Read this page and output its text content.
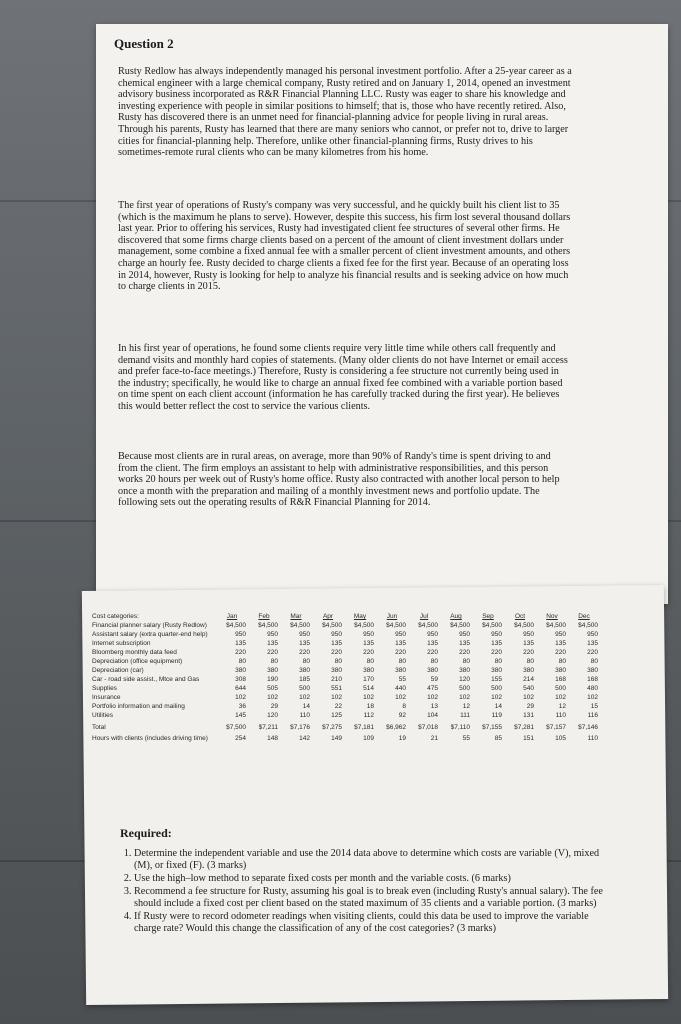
Question 2

Rusty Redlow has always independently managed his personal investment portfolio. After a 25-year career as a chemical engineer with a large chemical company, Rusty retired and on January 1, 2014, opened an investment advisory business incorporated as R&R Financial Planning LLC. Rusty was eager to share his knowledge and investing experience with people in similar positions to himself; that is, those who have recently retired. Also, Rusty has discovered there is an unmet need for financial-planning advice for people living in rural areas. Through his parents, Rusty has learned that there are many seniors who cannot, or prefer not to, drive to larger cities for financial-planning help. Therefore, unlike other financial-planning firms, Rusty drives to his sometimes-remote rural clients who can be many kilometres from his home.

The first year of operations of Rusty's company was very successful, and he quickly built his client list to 35 (which is the maximum he plans to serve). However, despite this success, his firm lost several thousand dollars last year. Prior to offering his services, Rusty had investigated client fee structures of several other firms. He discovered that some firms charge clients based on a percent of the amount of client investment dollars under management, some combine a fixed annual fee with a smaller percent of client investment amounts, and others charge an hourly fee. Rusty decided to charge clients a fixed fee for the first year. Because of an operating loss in 2014, however, Rusty is looking for help to analyze his financial results and is seeking advice on how much to charge clients in 2015.

In his first year of operations, he found some clients require very little time while others call frequently and demand visits and monthly hard copies of statements. (Many older clients do not have Internet or email access and prefer face-to-face meetings.) Therefore, Rusty is considering a fee structure not currently being used in the industry; specifically, he would like to charge an annual fixed fee combined with a variable portion based on time spent on each client account (information he has carefully tracked during the first year). He believes this would better reflect the cost to service the various clients.

Because most clients are in rural areas, on average, more than 90% of Randy's time is spent driving to and from the client. The firm employs an assistant to help with administrative responsibilities, and this person works 20 hours per week out of Rusty's home office. Rusty also contracted with another local person to help once a month with the preparation and mailing of a monthly investment news and portfolio update. The following sets out the operating results of R&R Financial Planning for 2014.

Cost categories:	Jan	Feb	Mar	Apr	May	Jun	Jul	Aug	Sep	Oct	Nov	Dec
Financial planner salary (Rusty Redlow)	$4,500	$4,500	$4,500	$4,500	$4,500	$4,500	$4,500	$4,500	$4,500	$4,500	$4,500	$4,500
Assistant salary (extra quarter-end help)	950	950	950	950	950	950	950	950	950	950	950	950
Internet subscription	135	135	135	135	135	135	135	135	135	135	135	135
Bloomberg monthly data feed	220	220	220	220	220	220	220	220	220	220	220	220
Depreciation (office equipment)	80	80	80	80	80	80	80	80	80	80	80	80
Depreciation (car)	380	380	380	380	380	380	380	380	380	380	380	380
Car - road side assist., Mtce and Gas	308	190	185	210	170	55	59	120	155	214	168	168
Supplies	644	505	500	551	514	440	475	500	500	540	500	480
Insurance	102	102	102	102	102	102	102	102	102	102	102	102
Portfolio information and mailing	36	29	14	22	18	8	13	12	14	29	12	15
Utilities	145	120	110	125	112	92	104	111	119	131	110	116
Total	$7,500	$7,211	$7,176	$7,275	$7,181	$6,962	$7,018	$7,110	$7,155	$7,281	$7,157	$7,146
Hours with clients (includes driving time)	254	148	142	149	109	19	21	55	85	151	105	110
Required:
1. Determine the independent variable and use the 2014 data above to determine which costs are variable (V), mixed (M), or fixed (F). (3 marks)
2. Use the high–low method to separate fixed costs per month and the variable costs. (6 marks)
3. Recommend a fee structure for Rusty, assuming his goal is to break even (including Rusty's annual salary). The fee should include a fixed cost per client based on the stated maximum of 35 clients and a variable portion. (3 marks)
4. If Rusty were to record odometer readings when visiting clients, could this data be used to improve the variable charge rate? Would this change the classification of any of the cost categories? (3 marks)
